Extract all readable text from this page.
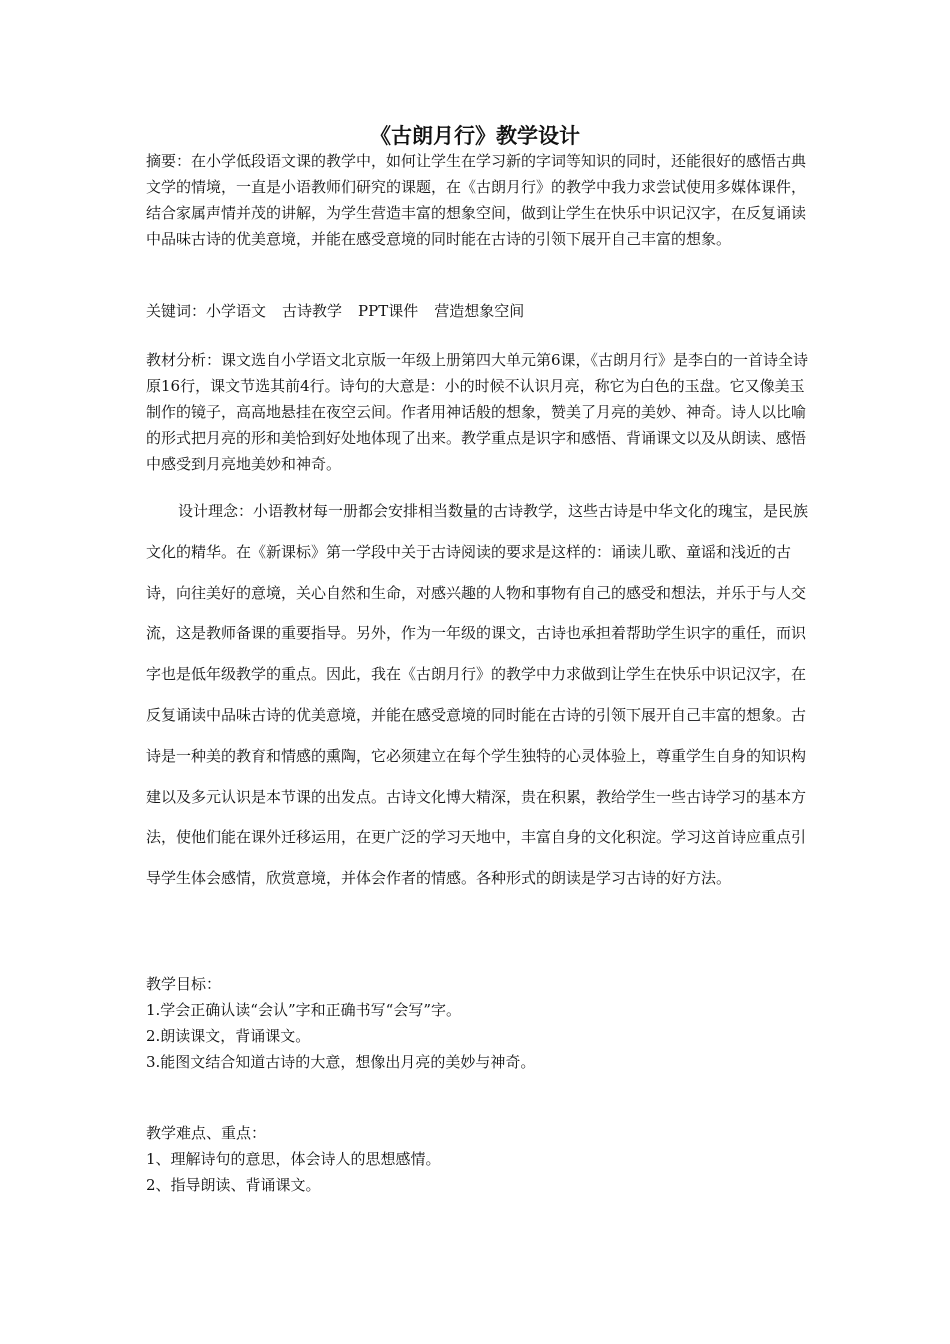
《古朗月行》教学设计
摘要：在小学低段语文课的教学中，如何让学生在学习新的字词等知识的同时，还能很好的感悟古典文学的情境，一直是小语教师们研究的课题，在《古朗月行》的教学中我力求尝试使用多媒体课件，结合家属声情并茂的讲解，为学生营造丰富的想象空间，做到让学生在快乐中识记汉字，在反复诵读中品味古诗的优美意境，并能在感受意境的同时能在古诗的引领下展开自己丰富的想象。
关键词：小学语文 古诗教学 PPT课件 营造想象空间
教材分析：课文选自小学语文北京版一年级上册第四大单元第6课，《古朗月行》是李白的一首诗全诗原16行，课文节选其前4行。诗句的大意是：小的时候不认识月亮，称它为白色的玉盘。它又像美玉制作的镜子，高高地悬挂在夜空云间。作者用神话般的想象，赞美了月亮的美妙、神奇。诗人以比喻的形式把月亮的形和美恰到好处地体现了出来。教学重点是识字和感悟、背诵课文以及从朗读、感悟中感受到月亮地美妙和神奇。
设计理念：小语教材每一册都会安排相当数量的古诗教学，这些古诗是中华文化的瑰宝，是民族文化的精华。在《新课标》第一学段中关于古诗阅读的要求是这样的：诵读儿歌、童谣和浅近的古诗，向往美好的意境，关心自然和生命，对感兴趣的人物和事物有自己的感受和想法，并乐于与人交流，这是教师备课的重要指导。另外，作为一年级的课文，古诗也承担着帮助学生识字的重任，而识字也是低年级教学的重点。因此，我在《古朗月行》的教学中力求做到让学生在快乐中识记汉字，在反复诵读中品味古诗的优美意境，并能在感受意境的同时能在古诗的引领下展开自己丰富的想象。古诗是一种美的教育和情感的熏陶，它必须建立在每个学生独特的心灵体验上，尊重学生自身的知识构建以及多元认识是本节课的出发点。古诗文化博大精深，贵在积累，教给学生一些古诗学习的基本方法，使他们能在课外迁移运用，在更广泛的学习天地中，丰富自身的文化积淀。学习这首诗应重点引导学生体会感情，欣赏意境，并体会作者的情感。各种形式的朗读是学习古诗的好方法。
教学目标：
1.学会正确认读“会认”字和正确书写“会写”字。
2.朗读课文，背诵课文。
3.能图文结合知道古诗的大意，想像出月亮的美妙与神奇。
教学难点、重点：
1、理解诗句的意思，体会诗人的思想感情。
2、指导朗读、背诵课文。
